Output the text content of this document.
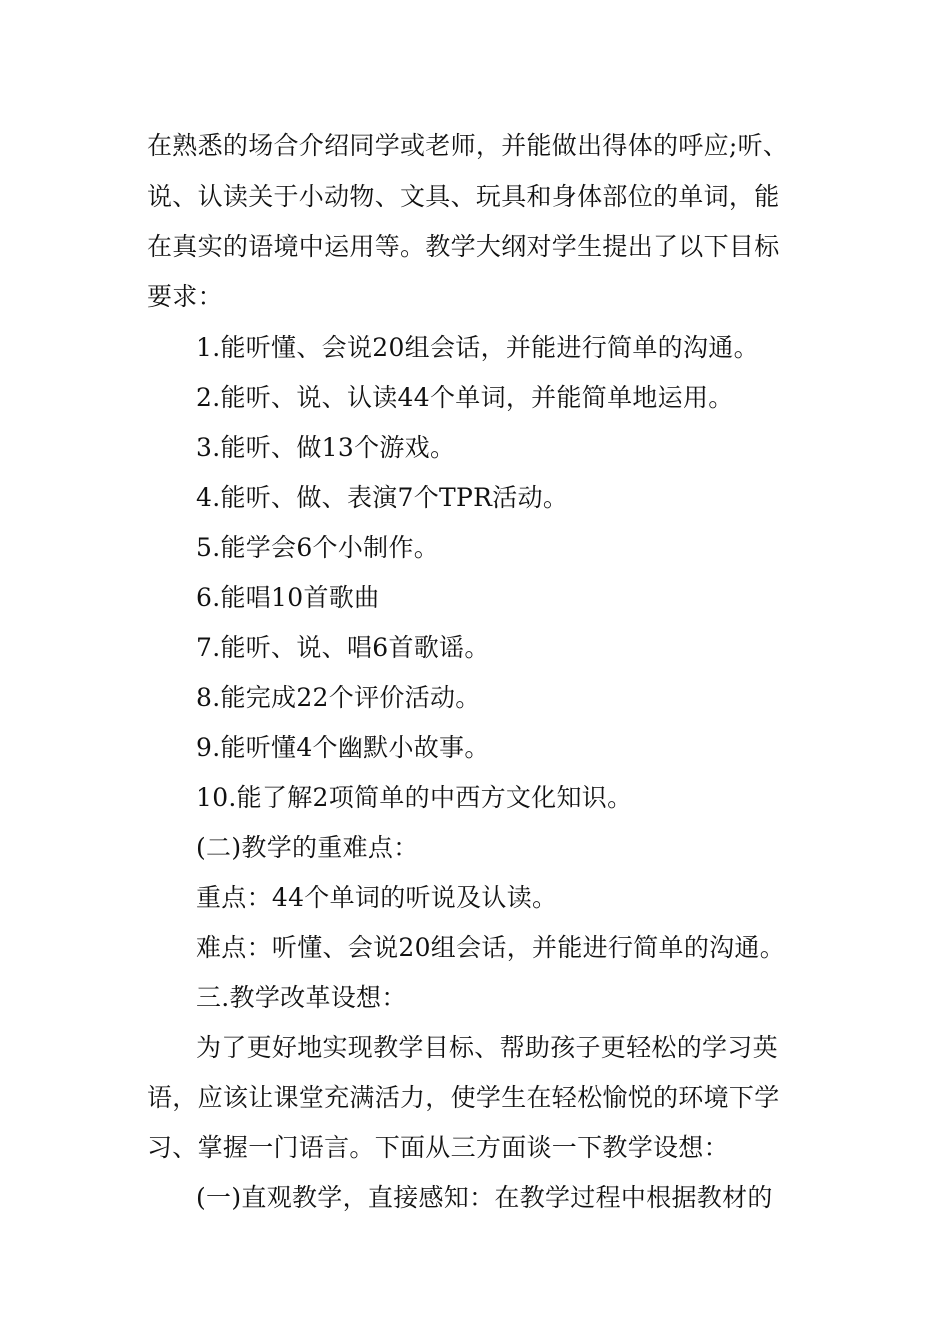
在熟悉的场合介绍同学或老师，并能做出得体的呼应;听、
说、认读关于小动物、文具、玩具和身体部位的单词，能
在真实的语境中运用等。教学大纲对学生提出了以下目标
要求：
1.能听懂、会说20组会话，并能进行简单的沟通。
2.能听、说、认读44个单词，并能简单地运用。
3.能听、做13个游戏。
4.能听、做、表演7个TPR活动。
5.能学会6个小制作。
6.能唱10首歌曲
7.能听、说、唱6首歌谣。
8.能完成22个评价活动。
9.能听懂4个幽默小故事。
10.能了解2项简单的中西方文化知识。
(二)教学的重难点：
重点：44个单词的听说及认读。
难点：听懂、会说20组会话，并能进行简单的沟通。
三.教学改革设想：
为了更好地实现教学目标、帮助孩子更轻松的学习英
语，应该让课堂充满活力，使学生在轻松愉悦的环境下学
习、掌握一门语言。下面从三方面谈一下教学设想：
(一)直观教学，直接感知：在教学过程中根据教材的
